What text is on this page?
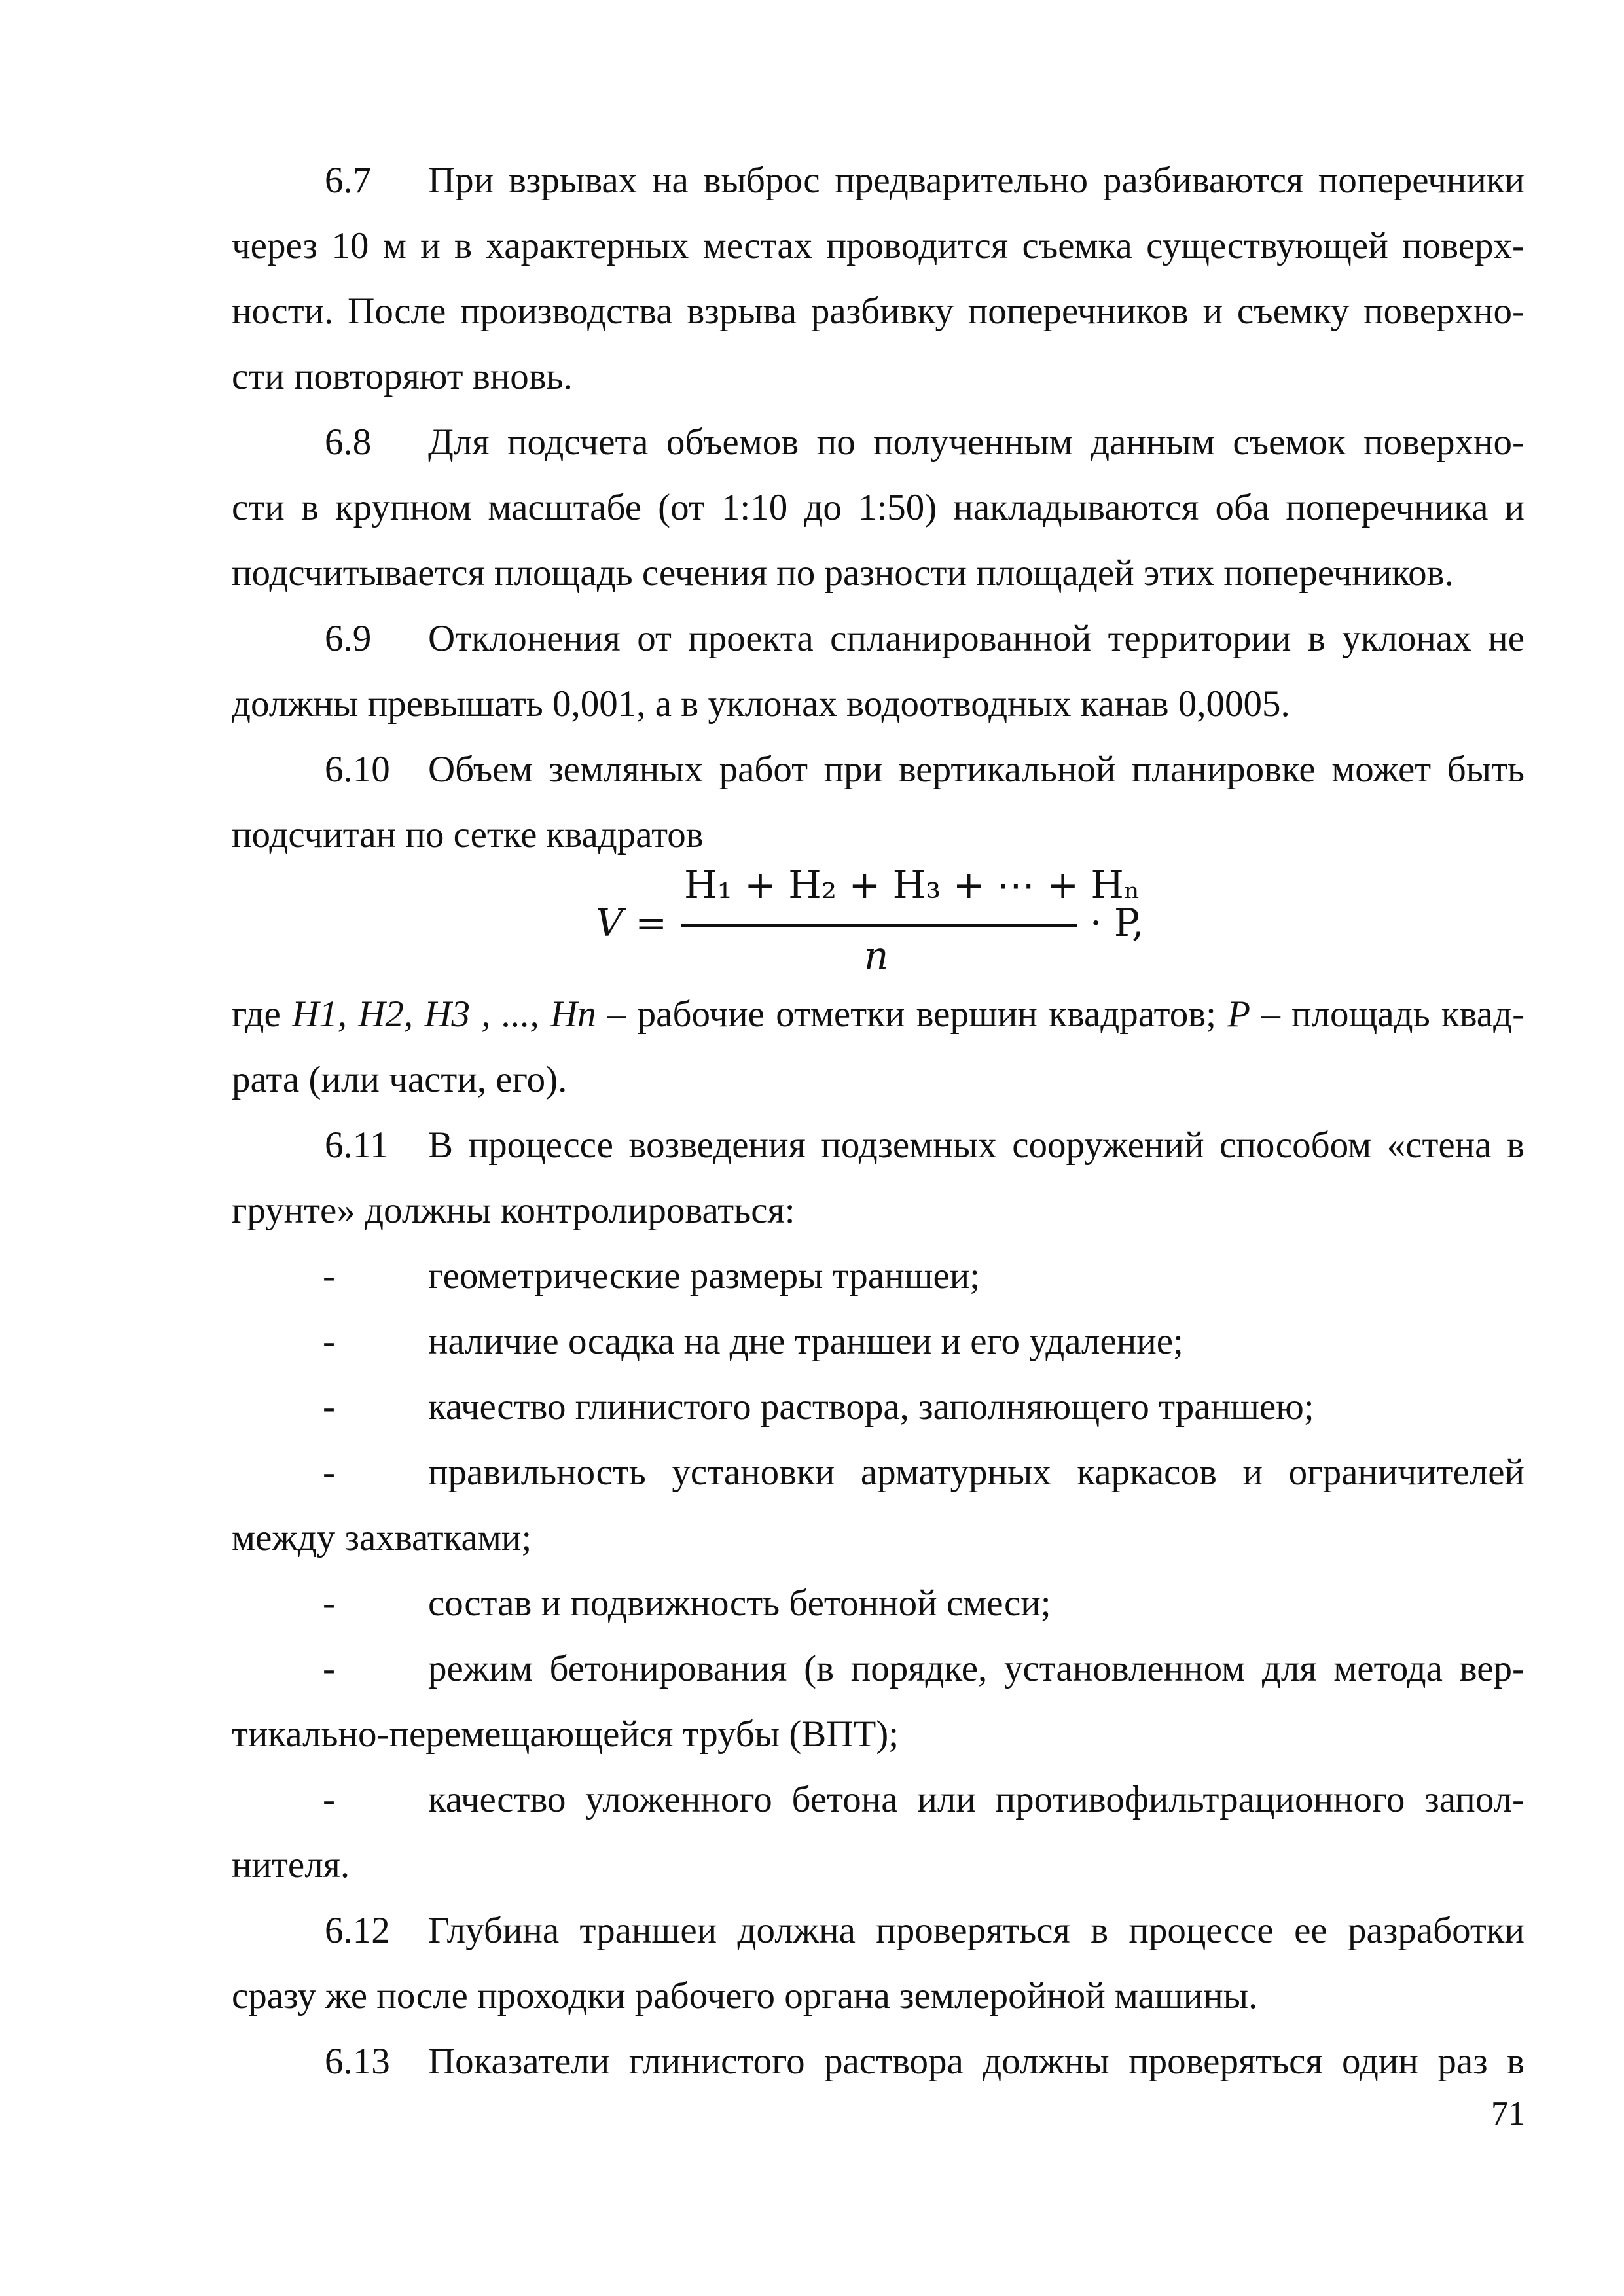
6.7 При взрывах на выброс предварительно разбиваются поперечники
через 10 м и в характерных местах проводится съемка существующей поверх-
ности. После производства взрыва разбивку поперечников и съемку поверхно-
сти повторяют вновь.
6.8 Для подсчета объемов по полученным данным съемок поверхно-
сти в крупном масштабе (от 1:10 до 1:50) накладываются оба поперечника и
подсчитывается площадь сечения по разности площадей этих поперечников.
6.9 Отклонения от проекта спланированной территории в уклонах не
должны превышать 0,001, а в уклонах водоотводных канав 0,0005.
6.10 Объем земляных работ при вертикальной планировке может быть
подсчитан по сетке квадратов
V =
H₁ + H₂ + H₃ + ⋯ + Hₙ
n
· P,
где H1, H2, H3 , ..., Hn – рабочие отметки вершин квадратов; P – площадь квад-
рата (или части, его).
6.11 В процессе возведения подземных сооружений способом «стена в
грунте» должны контролироваться:
- геометрические размеры траншеи;
- наличие осадка на дне траншеи и его удаление;
- качество глинистого раствора, заполняющего траншею;
- правильность установки арматурных каркасов и ограничителей
между захватками;
- состав и подвижность бетонной смеси;
- режим бетонирования (в порядке, установленном для метода вер-
тикально-перемещающейся трубы (ВПТ);
- качество уложенного бетона или противофильтрационного запол-
нителя.
6.12 Глубина траншеи должна проверяться в процессе ее разработки
сразу же после проходки рабочего органа землеройной машины.
6.13 Показатели глинистого раствора должны проверяться один раз в
71
